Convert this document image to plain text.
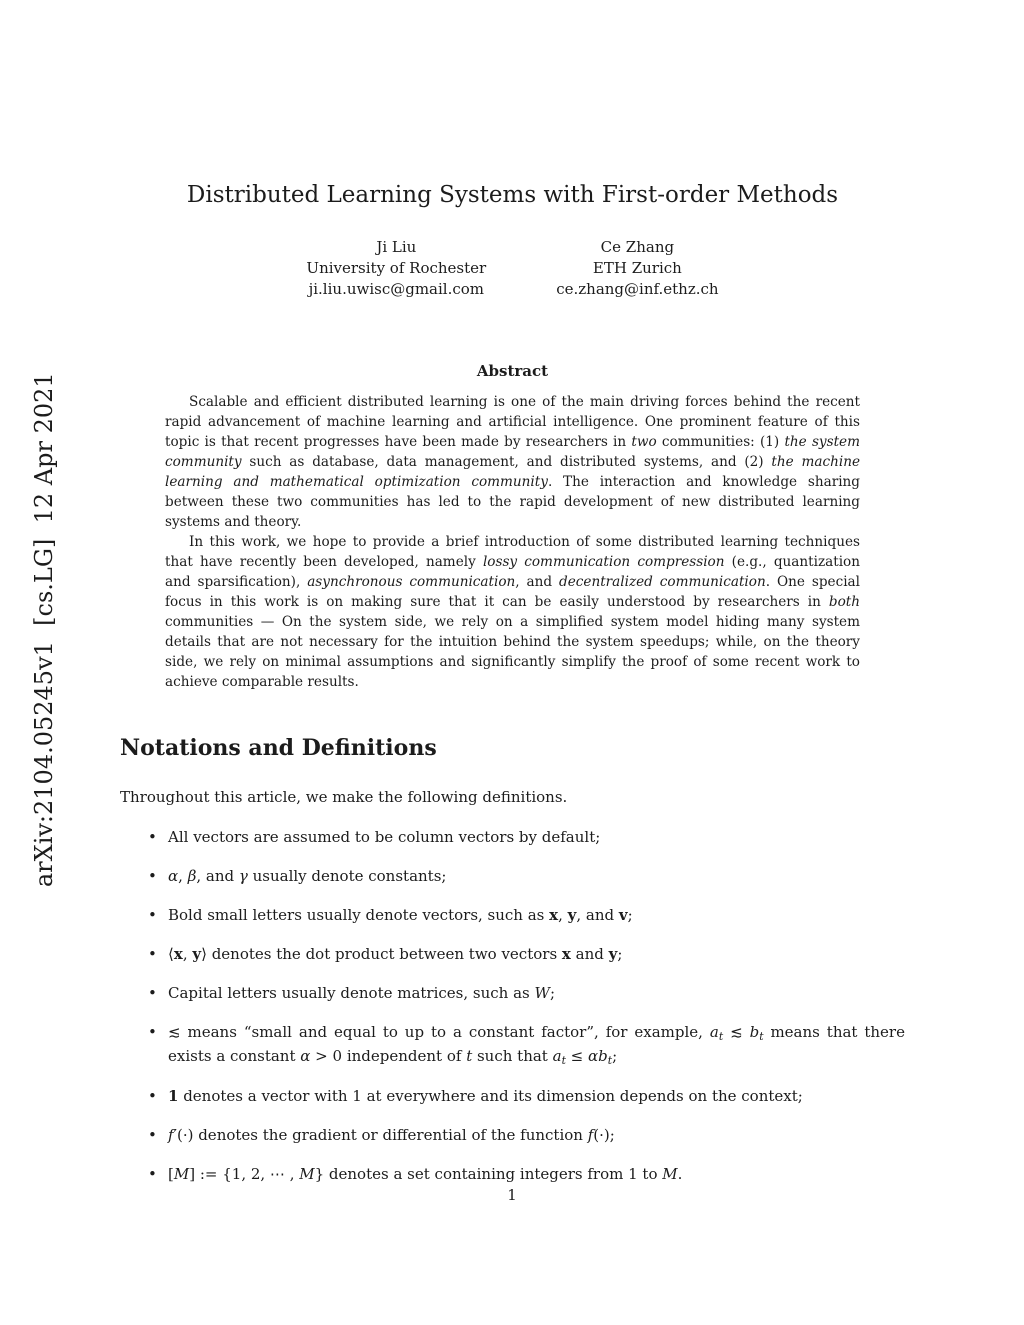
arXiv:2104.05245v1  [cs.LG]  12 Apr 2021

Distributed Learning Systems with First-order Methods
Ji Liu
University of Rochester
ji.liu.uwisc@gmail.com
Ce Zhang
ETH Zurich
ce.zhang@inf.ethz.ch
Abstract

Scalable and efficient distributed learning is one of the main driving forces behind the recent rapid advancement of machine learning and artificial intelligence. One prominent feature of this topic is that recent progresses have been made by researchers in two communities: (1) the system community such as database, data management, and distributed systems, and (2) the machine learning and mathematical optimization community. The interaction and knowledge sharing between these two communities has led to the rapid development of new distributed learning systems and theory.

In this work, we hope to provide a brief introduction of some distributed learning techniques that have recently been developed, namely lossy communication compression (e.g., quantization and sparsification), asynchronous communication, and decentralized communication. One special focus in this work is on making sure that it can be easily understood by researchers in both communities — On the system side, we rely on a simplified system model hiding many system details that are not necessary for the intuition behind the system speedups; while, on the theory side, we rely on minimal assumptions and significantly simplify the proof of some recent work to achieve comparable results.

Notations and Definitions

Throughout this article, we make the following definitions.

• All vectors are assumed to be column vectors by default;
• α, β, and γ usually denote constants;
• Bold small letters usually denote vectors, such as x, y, and v;
• ⟨x, y⟩ denotes the dot product between two vectors x and y;
• Capital letters usually denote matrices, such as W;
• ≲ means “small and equal to up to a constant factor”, for example, $a_t$ ≲ $b_t$ means that there exists a constant α > 0 independent of t such that $a_t \le \alpha b_t$;
• 1 denotes a vector with 1 at everywhere and its dimension depends on the context;
• f′(·) denotes the gradient or differential of the function f(·);
• [M] := {1, 2, ⋯ , M} denotes a set containing integers from 1 to M.
1
